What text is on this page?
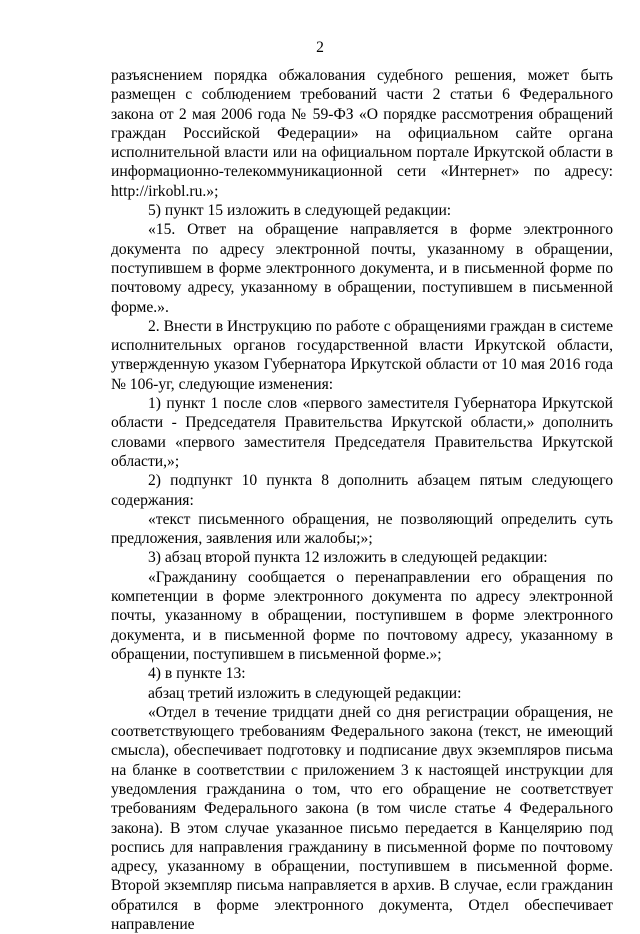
2

разъяснением порядка обжалования судебного решения, может быть размещен с соблюдением требований части 2 статьи 6 Федерального закона от 2 мая 2006 года № 59-ФЗ «О порядке рассмотрения обращений граждан Российской Федерации» на официальном сайте органа исполнительной власти или на официальном портале Иркутской области в информационно-телекоммуникационной сети «Интернет» по адресу: http://irkobl.ru.»;

5) пункт 15 изложить в следующей редакции:

«15. Ответ на обращение направляется в форме электронного документа по адресу электронной почты, указанному в обращении, поступившем в форме электронного документа, и в письменной форме по почтовому адресу, указанному в обращении, поступившем в письменной форме.».

2. Внести в Инструкцию по работе с обращениями граждан в системе исполнительных органов государственной власти Иркутской области, утвержденную указом Губернатора Иркутской области от 10 мая 2016 года № 106-уг, следующие изменения:

1) пункт 1 после слов «первого заместителя Губернатора Иркутской области - Председателя Правительства Иркутской области,» дополнить словами «первого заместителя Председателя Правительства Иркутской области,»;

2) подпункт 10 пункта 8 дополнить абзацем пятым следующего содержания:

«текст письменного обращения, не позволяющий определить суть предложения, заявления или жалобы;»;

3) абзац второй пункта 12 изложить в следующей редакции:

«Гражданину сообщается о перенаправлении его обращения по компетенции в форме электронного документа по адресу электронной почты, указанному в обращении, поступившем в форме электронного документа, и в письменной форме по почтовому адресу, указанному в обращении, поступившем в письменной форме.»;

4) в пункте 13:

абзац третий изложить в следующей редакции:

«Отдел в течение тридцати дней со дня регистрации обращения, не соответствующего требованиям Федерального закона (текст, не имеющий смысла), обеспечивает подготовку и подписание двух экземпляров письма на бланке в соответствии с приложением 3 к настоящей инструкции для уведомления гражданина о том, что его обращение не соответствует требованиям Федерального закона (в том числе статье 4 Федерального закона). В этом случае указанное письмо передается в Канцелярию под роспись для направления гражданину в письменной форме по почтовому адресу, указанному в обращении, поступившем в письменной форме. Второй экземпляр письма направляется в архив. В случае, если гражданин обратился в форме электронного документа, Отдел обеспечивает направление
